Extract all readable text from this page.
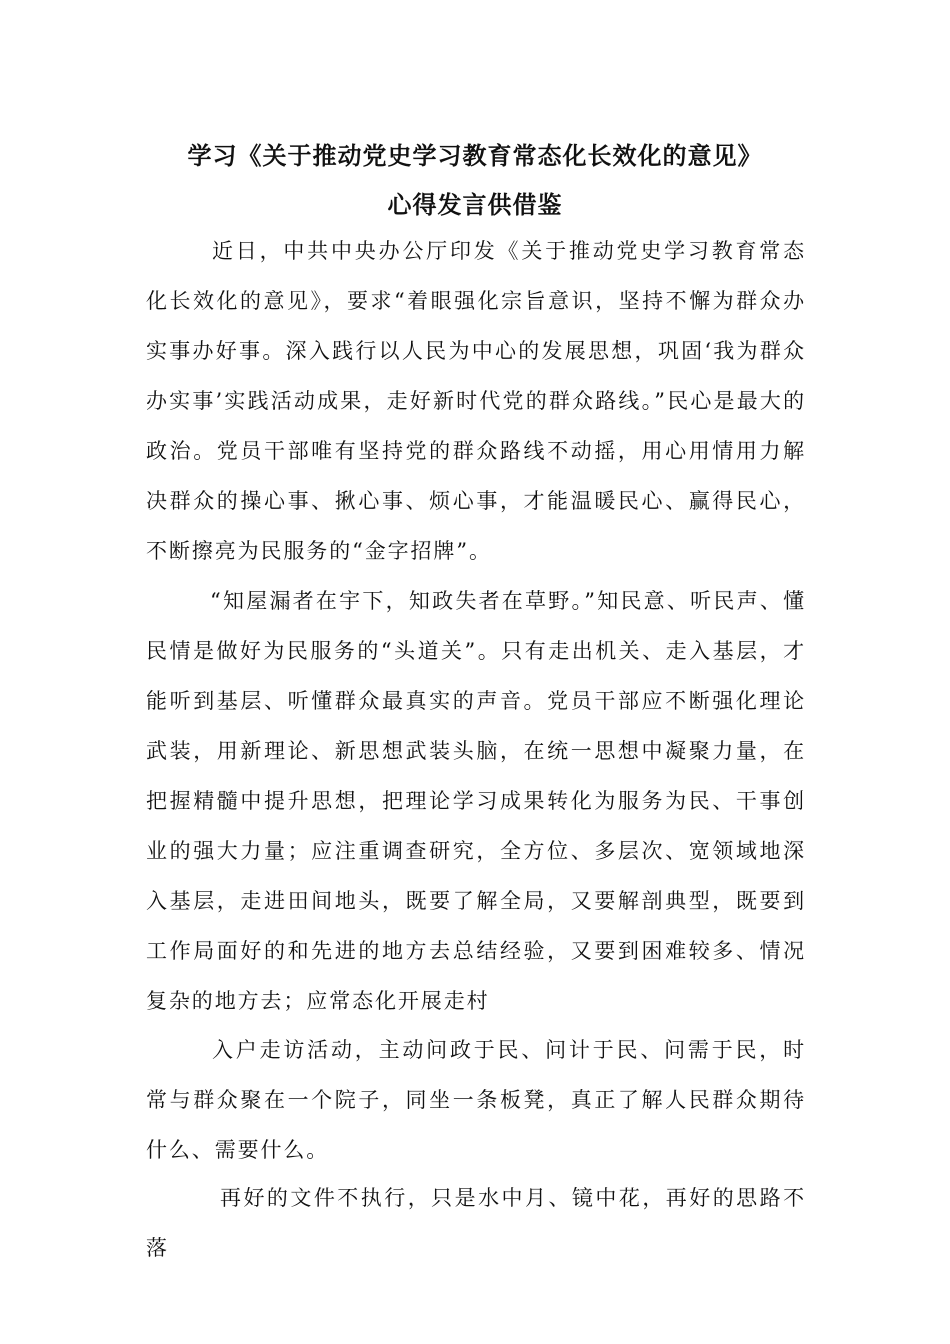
学习《关于推动党史学习教育常态化长效化的意见》
心得发言供借鉴

近日，中共中央办公厅印发《关于推动党史学习教育常态化长效化的意见》，要求“着眼强化宗旨意识，坚持不懈为群众办实事办好事。深入践行以人民为中心的发展思想，巩固‘我为群众办实事’实践活动成果，走好新时代党的群众路线。”民心是最大的政治。党员干部唯有坚持党的群众路线不动摇，用心用情用力解决群众的操心事、揪心事、烦心事，才能温暖民心、赢得民心，不断擦亮为民服务的“金字招牌”。

“知屋漏者在宇下，知政失者在草野。”知民意、听民声、懂民情是做好为民服务的“头道关”。只有走出机关、走入基层，才能听到基层、听懂群众最真实的声音。党员干部应不断强化理论武装，用新理论、新思想武装头脑，在统一思想中凝聚力量，在把握精髓中提升思想，把理论学习成果转化为服务为民、干事创业的强大力量；应注重调查研究，全方位、多层次、宽领域地深入基层，走进田间地头，既要了解全局，又要解剖典型，既要到工作局面好的和先进的地方去总结经验，又要到困难较多、情况复杂的地方去；应常态化开展走村

入户走访活动，主动问政于民、问计于民、问需于民，时常与群众聚在一个院子，同坐一条板凳，真正了解人民群众期待什么、需要什么。

再好的文件不执行，只是水中月、镜中花，再好的思路不落
